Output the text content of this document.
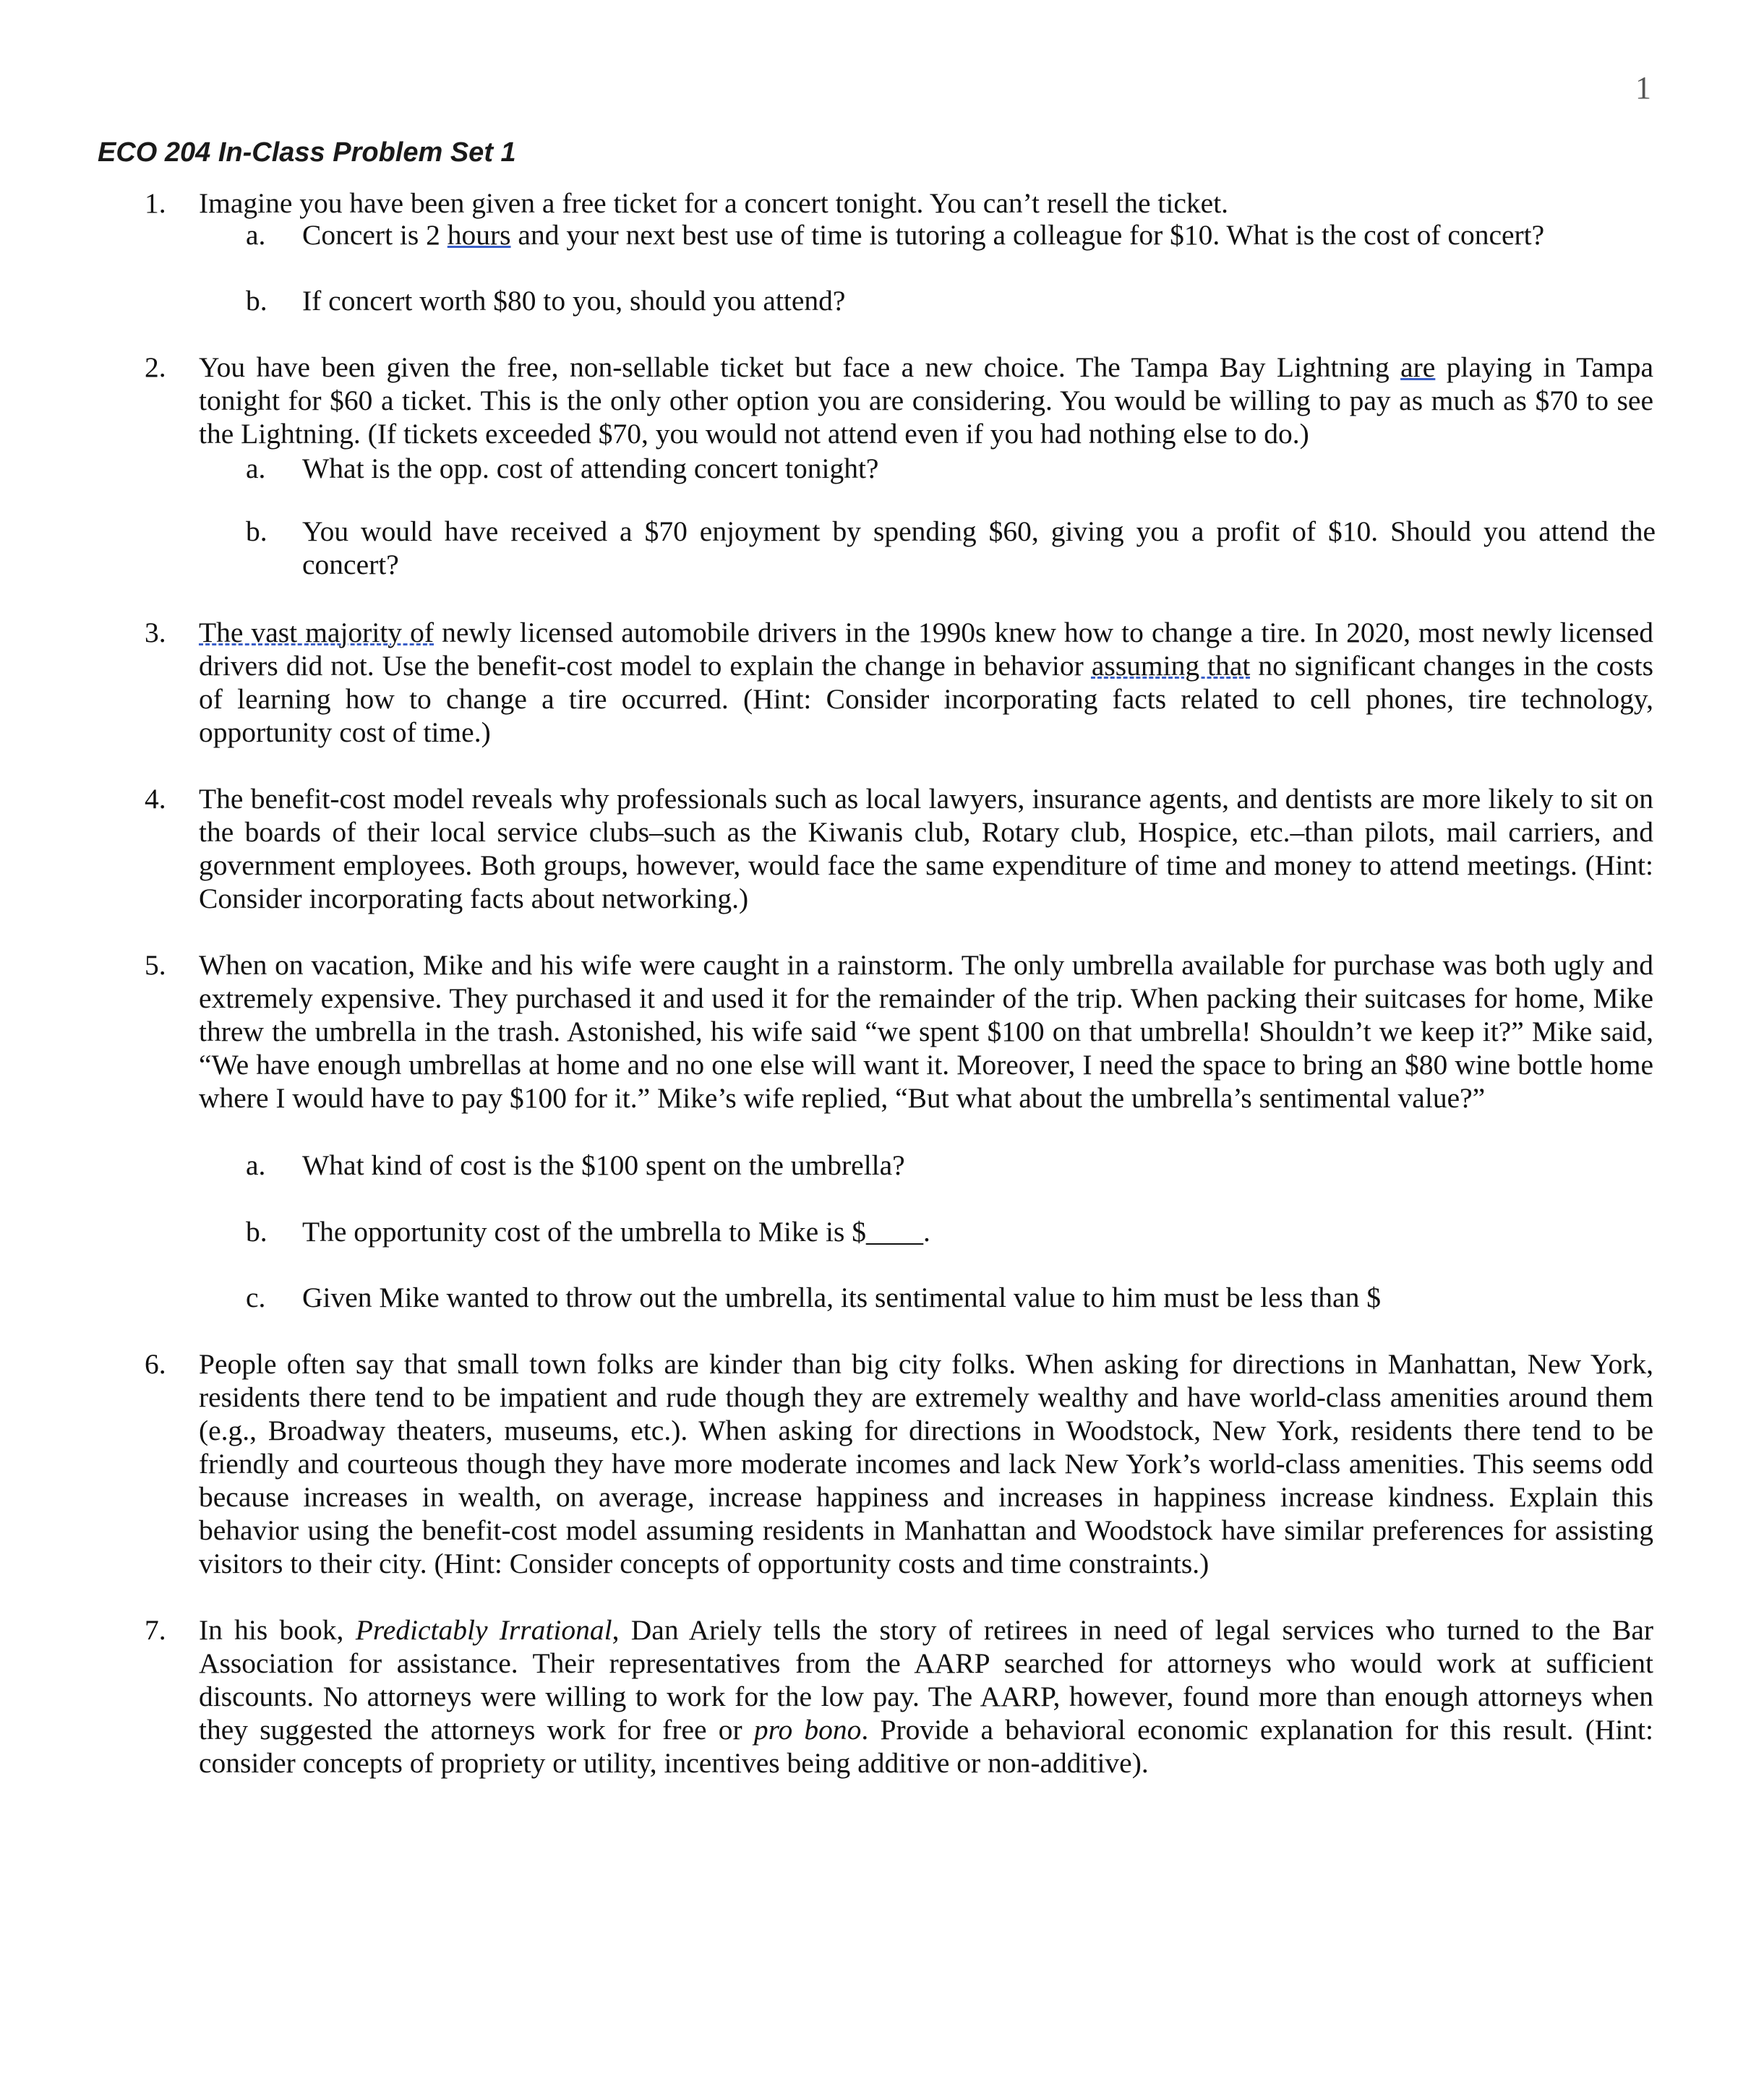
1
ECO 204 In-Class Problem Set 1
1. Imagine you have been given a free ticket for a concert tonight. You can’t resell the ticket.
a. Concert is 2 hours and your next best use of time is tutoring a colleague for $10. What is the cost of concert?
b. If concert worth $80 to you, should you attend?
2. You have been given the free, non-sellable ticket but face a new choice. The Tampa Bay Lightning are playing in Tampa tonight for $60 a ticket. This is the only other option you are considering. You would be willing to pay as much as $70 to see the Lightning. (If tickets exceeded $70, you would not attend even if you had nothing else to do.)
a. What is the opp. cost of attending concert tonight?
b. You would have received a $70 enjoyment by spending $60, giving you a profit of $10. Should you attend the concert?
3. The vast majority of newly licensed automobile drivers in the 1990s knew how to change a tire. In 2020, most newly licensed drivers did not. Use the benefit-cost model to explain the change in behavior assuming that no significant changes in the costs of learning how to change a tire occurred. (Hint: Consider incorporating facts related to cell phones, tire technology, opportunity cost of time.)
4. The benefit-cost model reveals why professionals such as local lawyers, insurance agents, and dentists are more likely to sit on the boards of their local service clubs–such as the Kiwanis club, Rotary club, Hospice, etc.–than pilots, mail carriers, and government employees. Both groups, however, would face the same expenditure of time and money to attend meetings. (Hint: Consider incorporating facts about networking.)
5. When on vacation, Mike and his wife were caught in a rainstorm. The only umbrella available for purchase was both ugly and extremely expensive. They purchased it and used it for the remainder of the trip. When packing their suitcases for home, Mike threw the umbrella in the trash. Astonished, his wife said “we spent $100 on that umbrella! Shouldn’t we keep it?” Mike said, “We have enough umbrellas at home and no one else will want it. Moreover, I need the space to bring an $80 wine bottle home where I would have to pay $100 for it.” Mike’s wife replied, “But what about the umbrella’s sentimental value?”
a. What kind of cost is the $100 spent on the umbrella?
b. The opportunity cost of the umbrella to Mike is $____.
c. Given Mike wanted to throw out the umbrella, its sentimental value to him must be less than $
6. People often say that small town folks are kinder than big city folks. When asking for directions in Manhattan, New York, residents there tend to be impatient and rude though they are extremely wealthy and have world-class amenities around them (e.g., Broadway theaters, museums, etc.). When asking for directions in Woodstock, New York, residents there tend to be friendly and courteous though they have more moderate incomes and lack New York’s world-class amenities. This seems odd because increases in wealth, on average, increase happiness and increases in happiness increase kindness. Explain this behavior using the benefit-cost model assuming residents in Manhattan and Woodstock have similar preferences for assisting visitors to their city. (Hint: Consider concepts of opportunity costs and time constraints.)
7. In his book, Predictably Irrational, Dan Ariely tells the story of retirees in need of legal services who turned to the Bar Association for assistance. Their representatives from the AARP searched for attorneys who would work at sufficient discounts. No attorneys were willing to work for the low pay. The AARP, however, found more than enough attorneys when they suggested the attorneys work for free or pro bono. Provide a behavioral economic explanation for this result. (Hint: consider concepts of propriety or utility, incentives being additive or non-additive).
